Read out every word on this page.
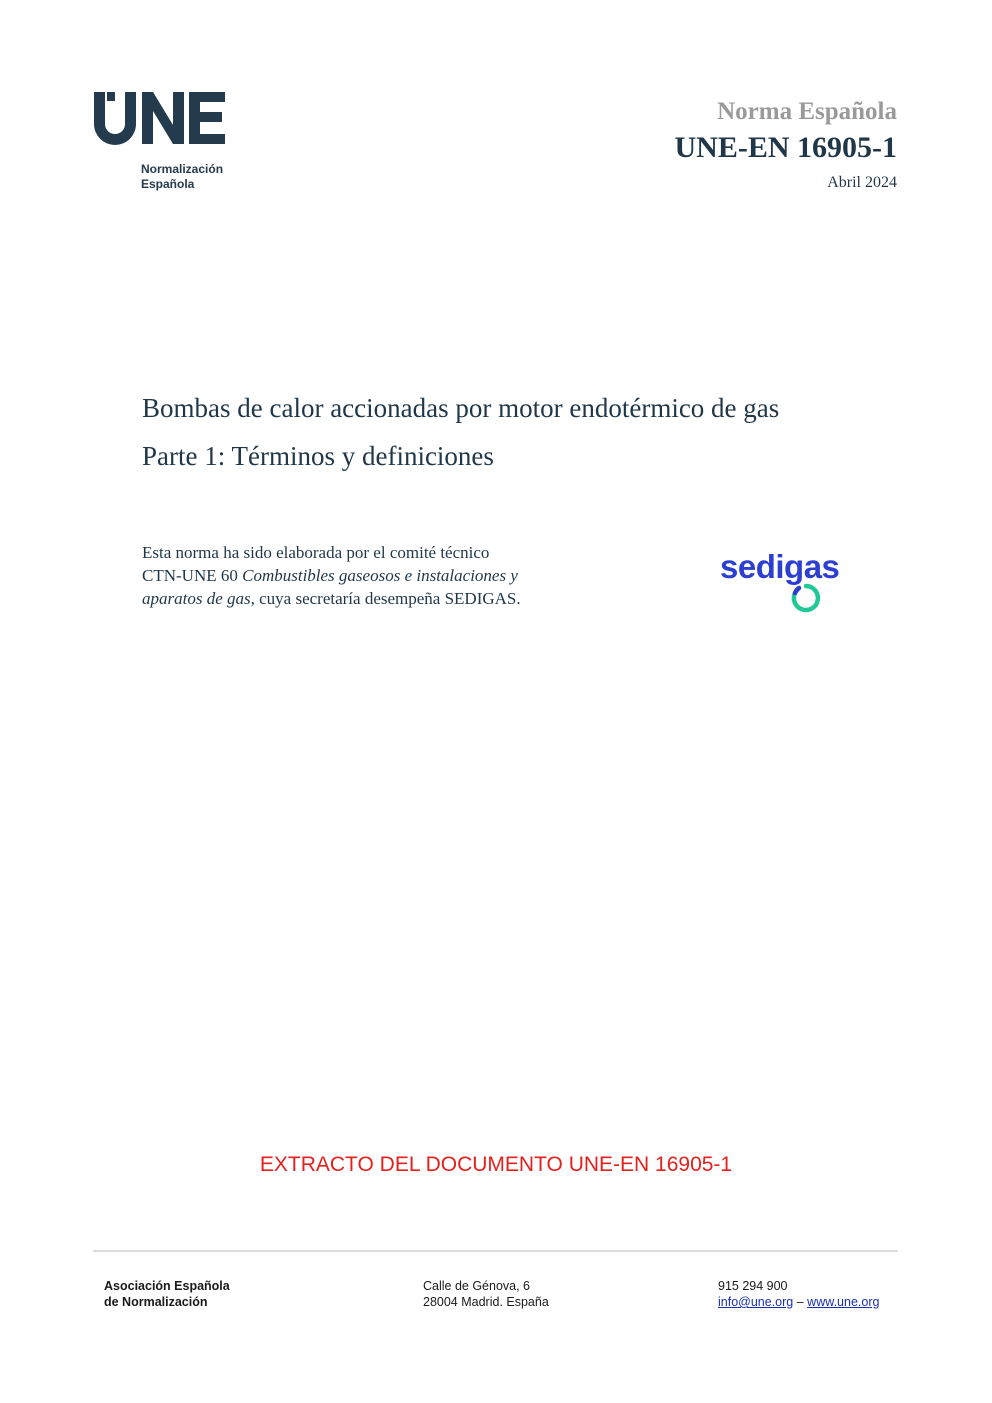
Normalización
Española
Norma Española
UNE-EN 16905-1
Abril 2024
Bombas de calor accionadas por motor endotérmico de gas
Parte 1: Términos y definiciones
Esta norma ha sido elaborada por el comité técnico
CTN-UNE 60 Combustibles gaseosos e instalaciones y
aparatos de gas, cuya secretaría desempeña SEDIGAS.
sedigas
EXTRACTO DEL DOCUMENTO UNE-EN 16905-1
Asociación Española
de Normalización
Calle de Génova, 6
28004 Madrid. España
915 294 900
info@une.org – www.une.org
